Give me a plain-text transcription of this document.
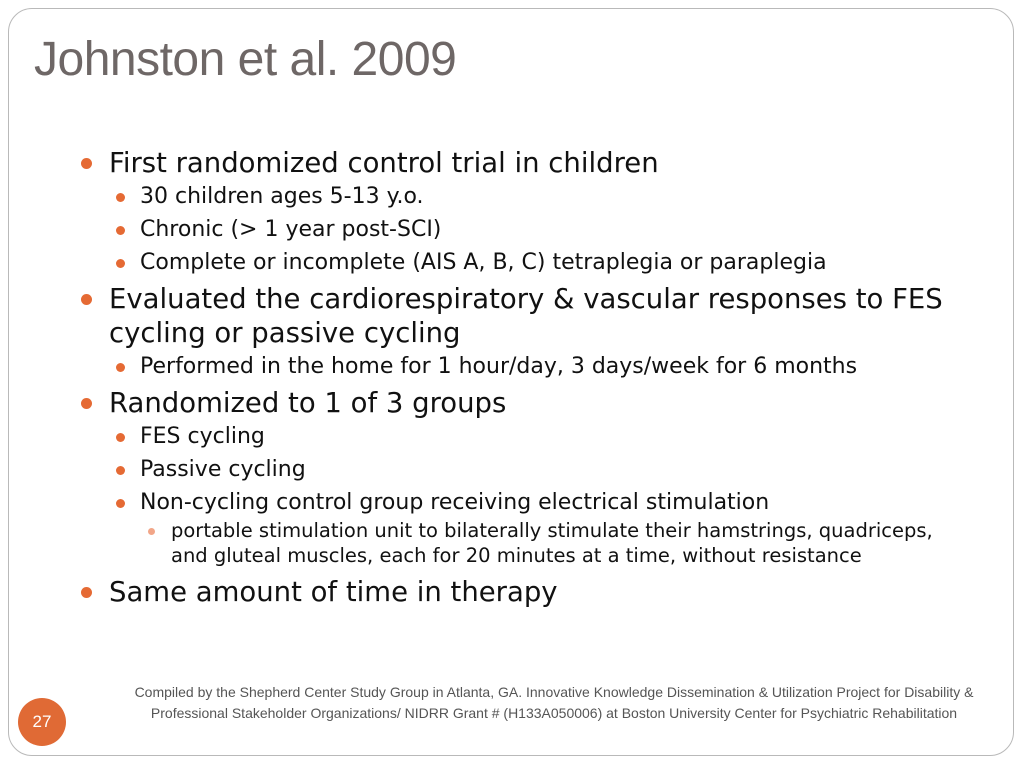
Johnston et al. 2009
First randomized control trial in children
30 children ages 5-13 y.o.
Chronic (> 1 year post-SCI)
Complete or incomplete (AIS A, B, C) tetraplegia or paraplegia
Evaluated the cardiorespiratory & vascular responses to FES cycling or passive cycling
Performed in the home for 1 hour/day, 3 days/week for 6 months
Randomized to 1 of 3 groups
FES cycling
Passive cycling
Non-cycling control group receiving electrical stimulation
portable stimulation unit to bilaterally stimulate their hamstrings, quadriceps, and gluteal muscles, each for 20 minutes at a time, without resistance
Same amount of time in therapy
Compiled by the Shepherd Center Study Group in Atlanta, GA. Innovative Knowledge Dissemination & Utilization Project for Disability & Professional Stakeholder Organizations/ NIDRR Grant # (H133A050006) at Boston University Center for Psychiatric Rehabilitation
27
